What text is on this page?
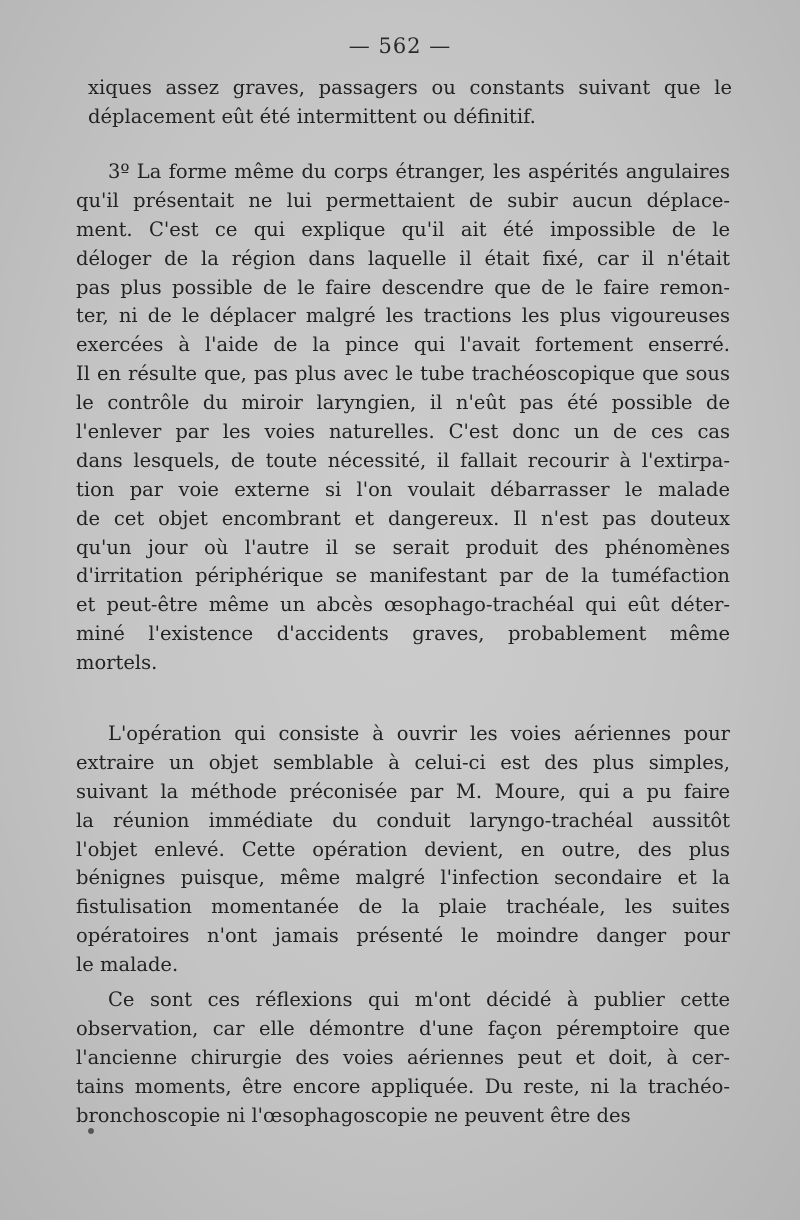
— 562 —
xiques assez graves, passagers ou constants suivant que le
déplacement eût été intermittent ou définitif.
3º La forme même du corps étranger, les aspérités angulaires
qu'il présentait ne lui permettaient de subir aucun déplace-
ment. C'est ce qui explique qu'il ait été impossible de le
déloger de la région dans laquelle il était fixé, car il n'était
pas plus possible de le faire descendre que de le faire remon-
ter, ni de le déplacer malgré les tractions les plus vigoureuses
exercées à l'aide de la pince qui l'avait fortement enserré.
Il en résulte que, pas plus avec le tube trachéoscopique que sous
le contrôle du miroir laryngien, il n'eût pas été possible de
l'enlever par les voies naturelles. C'est donc un de ces cas
dans lesquels, de toute nécessité, il fallait recourir à l'extirpa-
tion par voie externe si l'on voulait débarrasser le malade
de cet objet encombrant et dangereux. Il n'est pas douteux
qu'un jour où l'autre il se serait produit des phénomènes
d'irritation périphérique se manifestant par de la tuméfaction
et peut-être même un abcès œsophago-trachéal qui eût déter-
miné l'existence d'accidents graves, probablement même
mortels.
L'opération qui consiste à ouvrir les voies aériennes pour
extraire un objet semblable à celui-ci est des plus simples,
suivant la méthode préconisée par M. Moure, qui a pu faire
la réunion immédiate du conduit laryngo-trachéal aussitôt
l'objet enlevé. Cette opération devient, en outre, des plus
bénignes puisque, même malgré l'infection secondaire et la
fistulisation momentanée de la plaie trachéale, les suites
opératoires n'ont jamais présenté le moindre danger pour
le malade.
Ce sont ces réflexions qui m'ont décidé à publier cette
observation, car elle démontre d'une façon péremptoire que
l'ancienne chirurgie des voies aériennes peut et doit, à cer-
tains moments, être encore appliquée. Du reste, ni la trachéo-
bronchoscopie ni l'œsophagoscopie ne peuvent être des
